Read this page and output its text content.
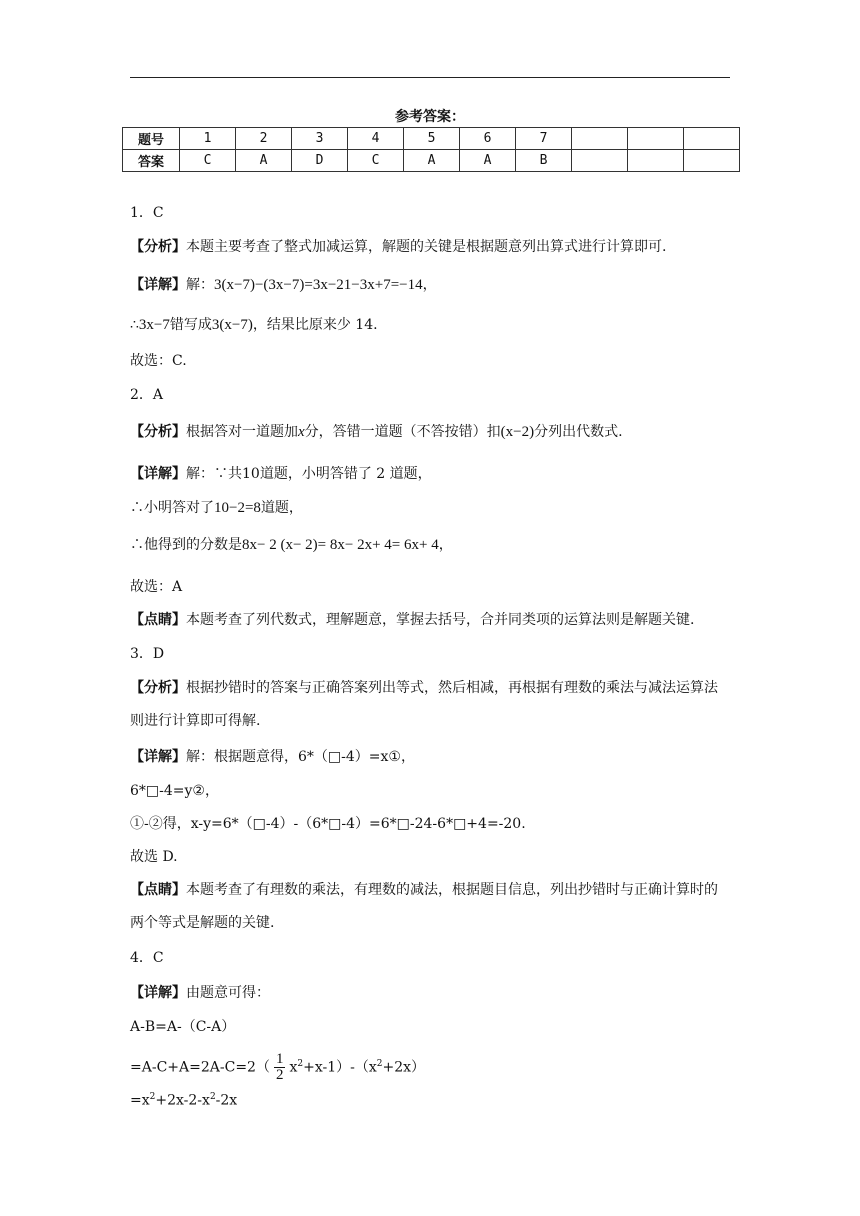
参考答案：
题号	1	2	3	4	5	6	7			
答案	C	A	D	C	A	A	B			
1．C
【分析】本题主要考查了整式加减运算，解题的关键是根据题意列出算式进行计算即可.
【详解】解：3(x−7)−(3x−7)=3x−21−3x+7=−14，
∴3x−7错写成3(x−7)，结果比原来少 14.
故选：C.
2．A
【分析】根据答对一道题加x分，答错一道题（不答按错）扣(x−2)分列出代数式.
【详解】解：∵共10道题，小明答错了 2 道题，
∴小明答对了10−2=8道题，
∴他得到的分数是8x− 2 (x− 2)= 8x− 2x+ 4= 6x+ 4，
故选：A
【点睛】本题考查了列代数式，理解题意，掌握去括号，合并同类项的运算法则是解题关键.
3．D
【分析】根据抄错时的答案与正确答案列出等式，然后相减，再根据有理数的乘法与减法运算法则进行计算即可得解.
【详解】解：根据题意得，6*（□-4）=x①，
6*□-4=y②，
①-②得，x-y=6*（□-4）-（6*□-4）=6*□-24-6*□+4=-20.
故选 D.
【点睛】本题考查了有理数的乘法，有理数的减法，根据题目信息，列出抄错时与正确计算时的两个等式是解题的关键.
4．C
【详解】由题意可得：
A-B=A-（C-A）
$=A-C+A=2A-C=2( \frac{1}{2} x^2+x-1)-(x^2+2x)$
$=x^2+2x-2-x^2-2x$
